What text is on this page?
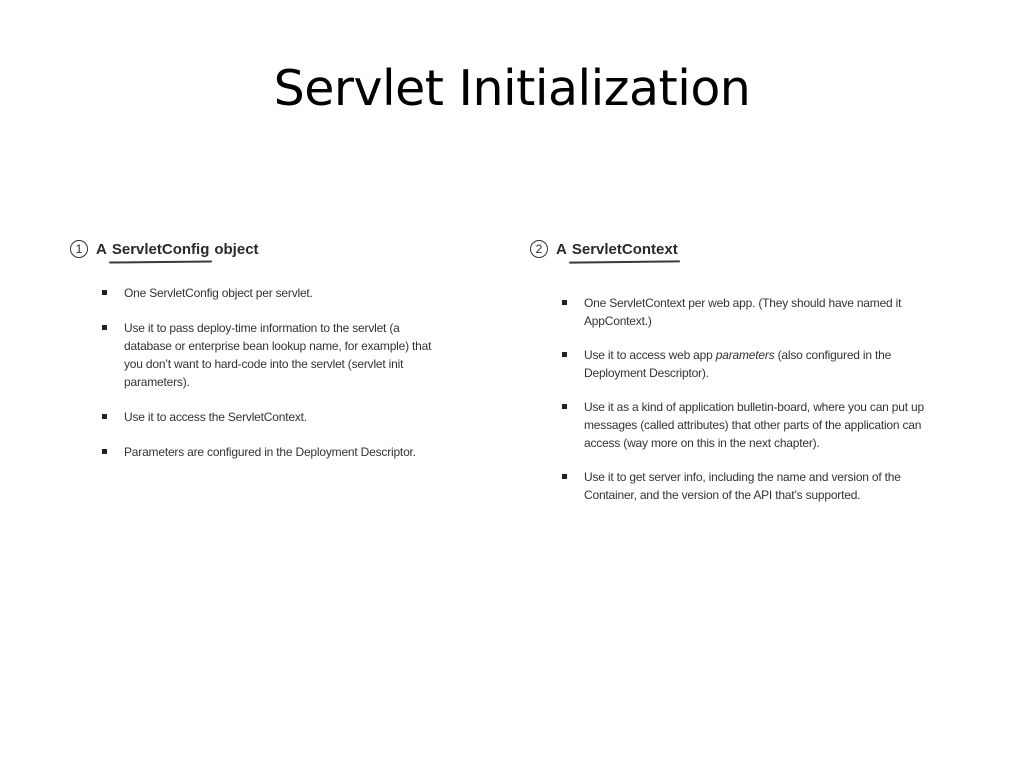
Servlet Initialization
1 A ServletConfig object
One ServletConfig object per servlet.
Use it to pass deploy-time information to the servlet (a database or enterprise bean lookup name, for example) that you don’t want to hard-code into the servlet (servlet init parameters).
Use it to access the ServletContext.
Parameters are configured in the Deployment Descriptor.
2 A ServletContext
One ServletContext per web app. (They should have named it AppContext.)
Use it to access web app parameters (also configured in the Deployment Descriptor).
Use it as a kind of application bulletin-board, where you can put up messages (called attributes) that other parts of the application can access (way more on this in the next chapter).
Use it to get server info, including the name and version of the Container, and the version of the API that’s supported.
